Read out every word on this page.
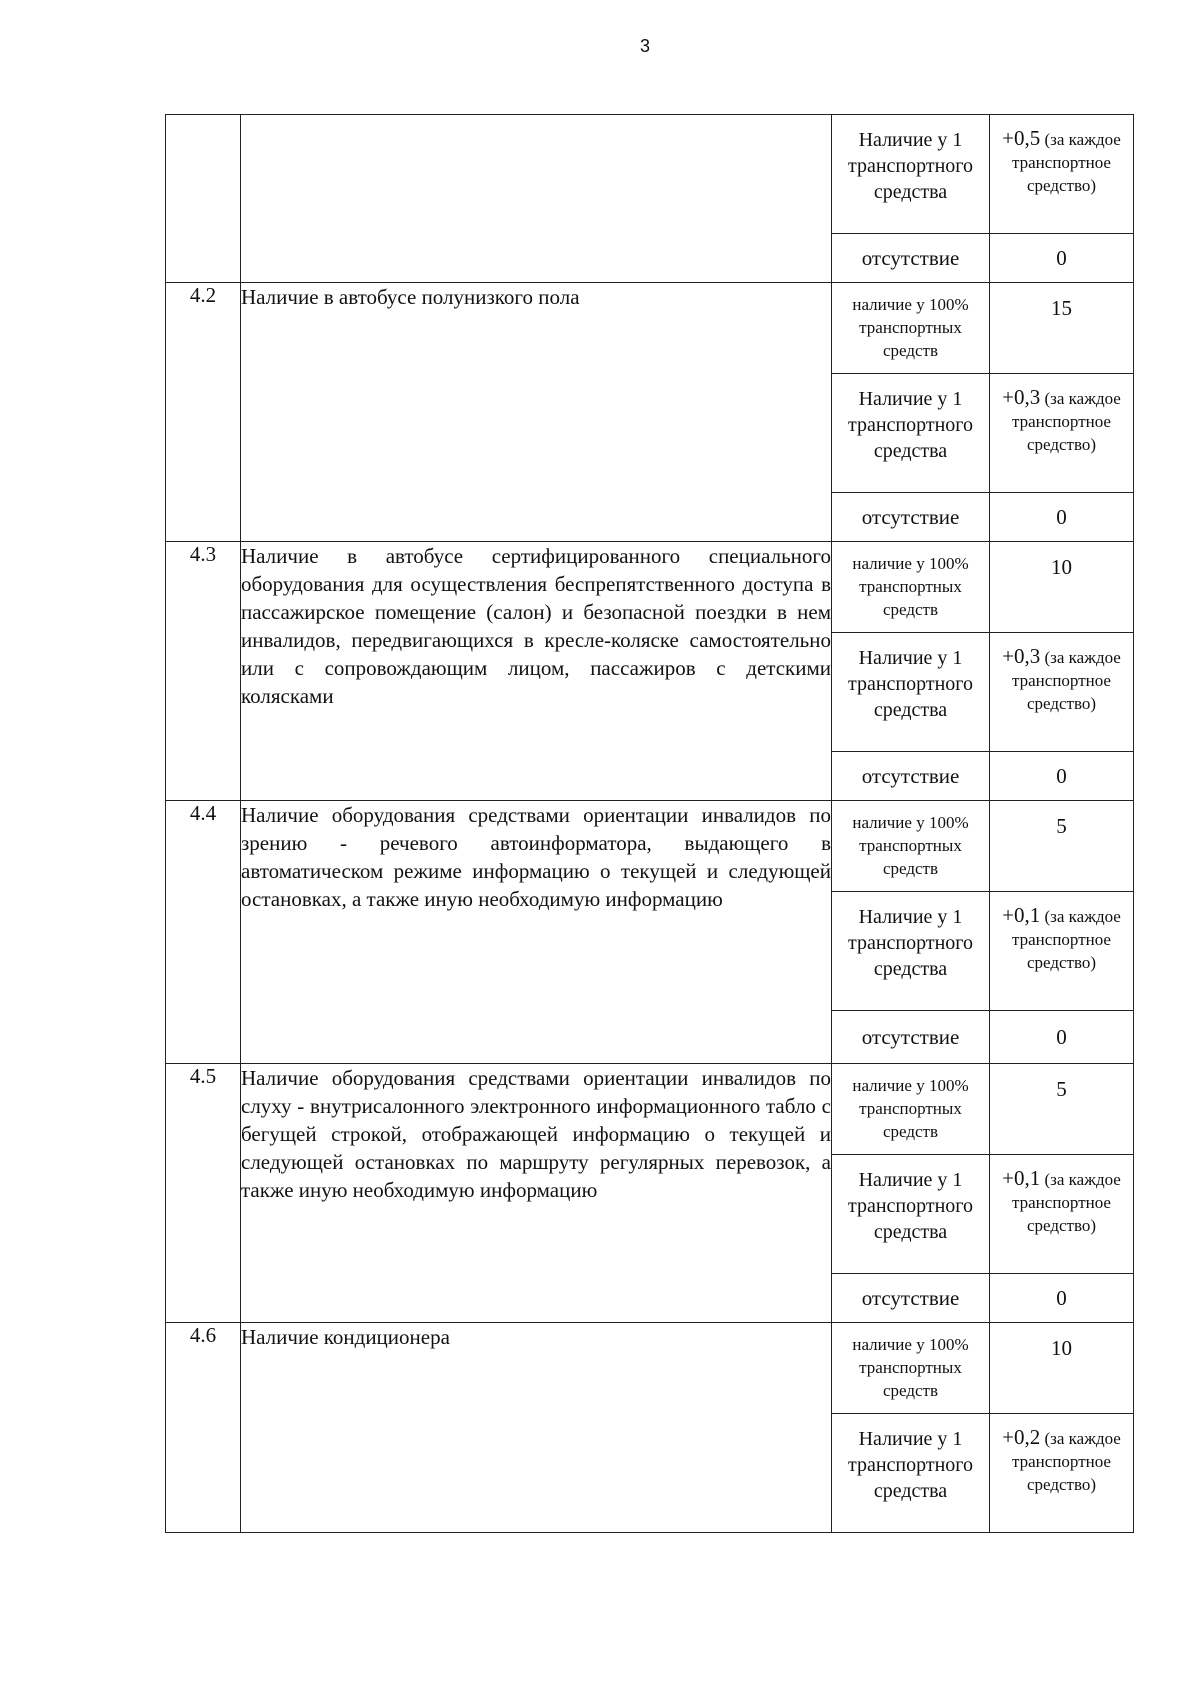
3
		Наличие у 1 транспортного средства	+0,5 (за каждое транспортное средство)
		отсутствие	0
4.2	Наличие в автобусе полунизкого пола	наличие у 100% транспортных средств	15
		Наличие у 1 транспортного средства	+0,3 (за каждое транспортное средство)
		отсутствие	0
4.3	Наличие в автобусе сертифицированного специального оборудования для осуществления беспрепятственного доступа в пассажирское помещение (салон) и безопасной поездки в нем инвалидов, передвигающихся в кресле-коляске самостоятельно или с сопровождающим лицом, пассажиров с детскими колясками	наличие у 100% транспортных средств	10
		Наличие у 1 транспортного средства	+0,3 (за каждое транспортное средство)
		отсутствие	0
4.4	Наличие оборудования средствами ориентации инвалидов по зрению - речевого автоинформатора, выдающего в автоматическом режиме информацию о текущей и следующей остановках, а также иную необходимую информацию	наличие у 100% транспортных средств	5
		Наличие у 1 транспортного средства	+0,1 (за каждое транспортное средство)
		отсутствие	0
4.5	Наличие оборудования средствами ориентации инвалидов по слуху - внутрисалонного электронного информационного табло с бегущей строкой, отображающей информацию о текущей и следующей остановках по маршруту регулярных перевозок, а также иную необходимую информацию	наличие у 100% транспортных средств	5
		Наличие у 1 транспортного средства	+0,1 (за каждое транспортное средство)
		отсутствие	0
4.6	Наличие кондиционера	наличие у 100% транспортных средств	10
		Наличие у 1 транспортного средства	+0,2 (за каждое транспортное средство)
